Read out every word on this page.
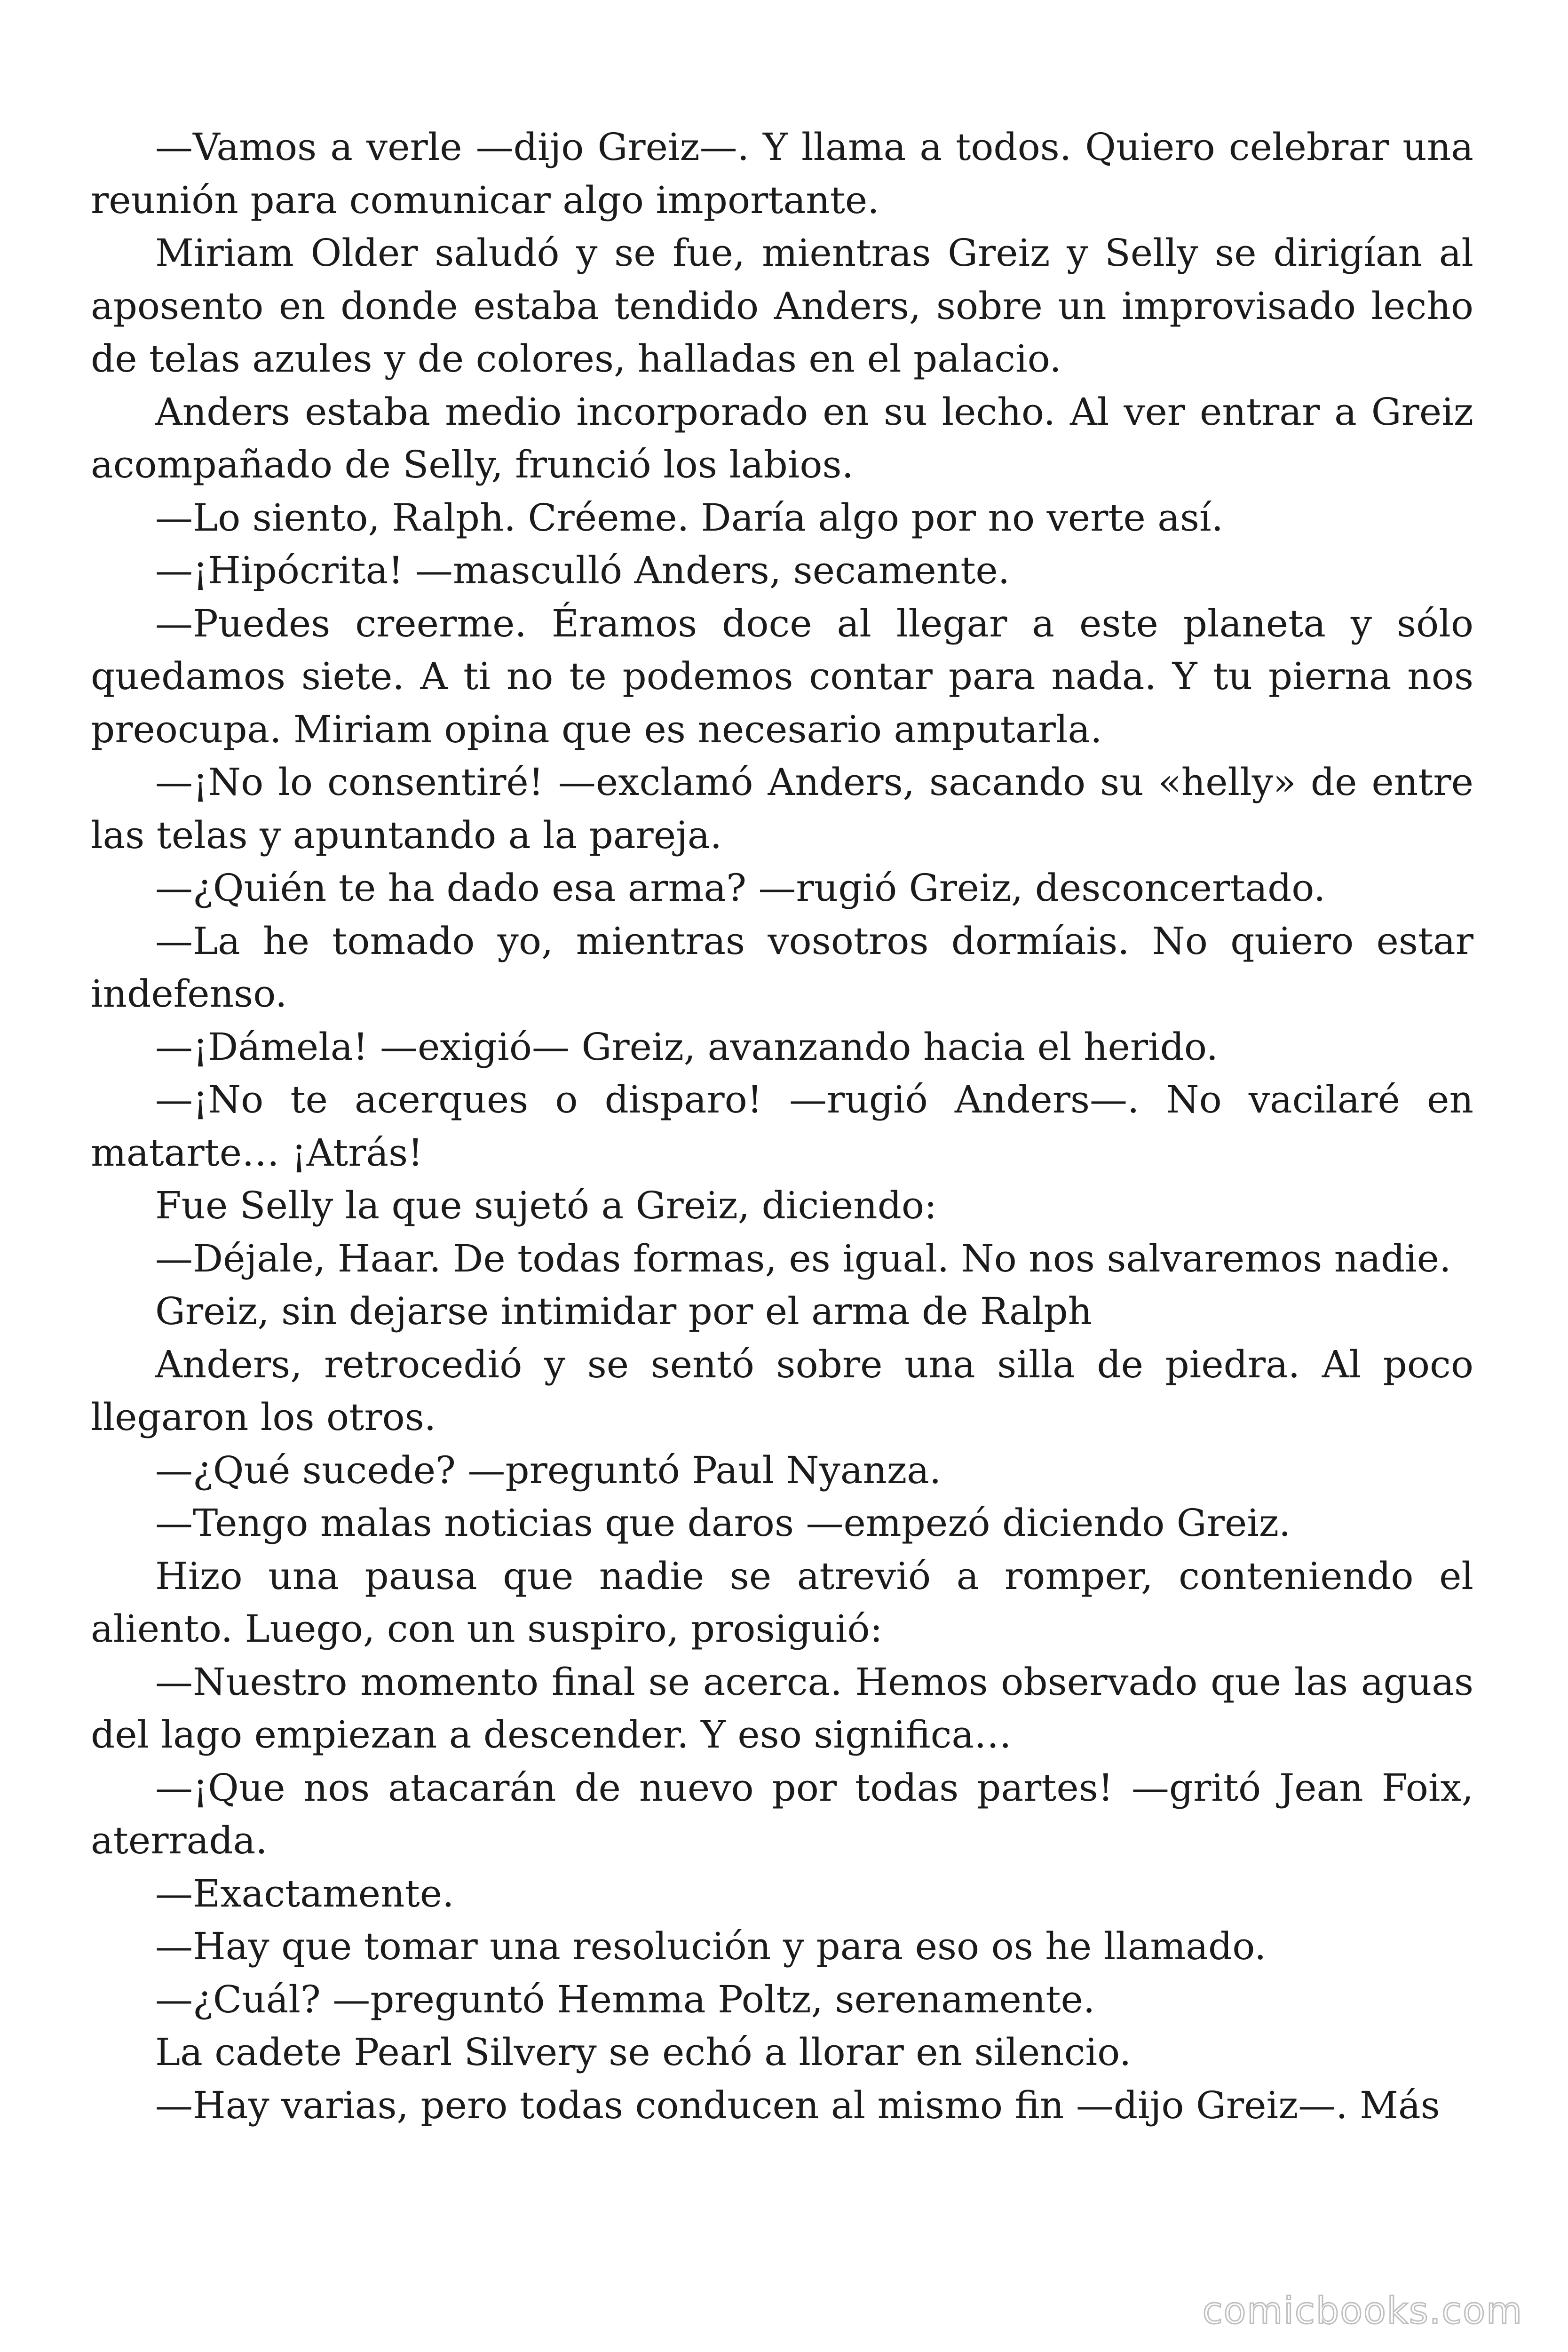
—Vamos a verle —dijo Greiz—. Y llama a todos. Quiero celebrar una reunión para comunicar algo importante.

Miriam Older saludó y se fue, mientras Greiz y Selly se dirigían al aposento en donde estaba tendido Anders, sobre un improvisado lecho de telas azules y de colores, halladas en el palacio.

Anders estaba medio incorporado en su lecho. Al ver entrar a Greiz acompañado de Selly, frunció los labios.

—Lo siento, Ralph. Créeme. Daría algo por no verte así.

—¡Hipócrita! —masculló Anders, secamente.

—Puedes creerme. Éramos doce al llegar a este planeta y sólo quedamos siete. A ti no te podemos contar para nada. Y tu pierna nos preocupa. Miriam opina que es necesario amputarla.

—¡No lo consentiré! —exclamó Anders, sacando su «helly» de entre las telas y apuntando a la pareja.

—¿Quién te ha dado esa arma? —rugió Greiz, desconcertado.

—La he tomado yo, mientras vosotros dormíais. No quiero estar indefenso.

—¡Dámela! —exigió— Greiz, avanzando hacia el herido.

—¡No te acerques o disparo! —rugió Anders—. No vacilaré en matarte… ¡Atrás!

Fue Selly la que sujetó a Greiz, diciendo:

—Déjale, Haar. De todas formas, es igual. No nos salvaremos nadie.

Greiz, sin dejarse intimidar por el arma de Ralph

Anders, retrocedió y se sentó sobre una silla de piedra. Al poco llegaron los otros.

—¿Qué sucede? —preguntó Paul Nyanza.

—Tengo malas noticias que daros —empezó diciendo Greiz.

Hizo una pausa que nadie se atrevió a romper, conteniendo el aliento. Luego, con un suspiro, prosiguió:

—Nuestro momento final se acerca. Hemos observado que las aguas del lago empiezan a descender. Y eso significa…

—¡Que nos atacarán de nuevo por todas partes! —gritó Jean Foix, aterrada.

—Exactamente.

—Hay que tomar una resolución y para eso os he llamado.

—¿Cuál? —preguntó Hemma Poltz, serenamente.

La cadete Pearl Silvery se echó a llorar en silencio.

—Hay varias, pero todas conducen al mismo fin —dijo Greiz—. Más

comicbooks.com
